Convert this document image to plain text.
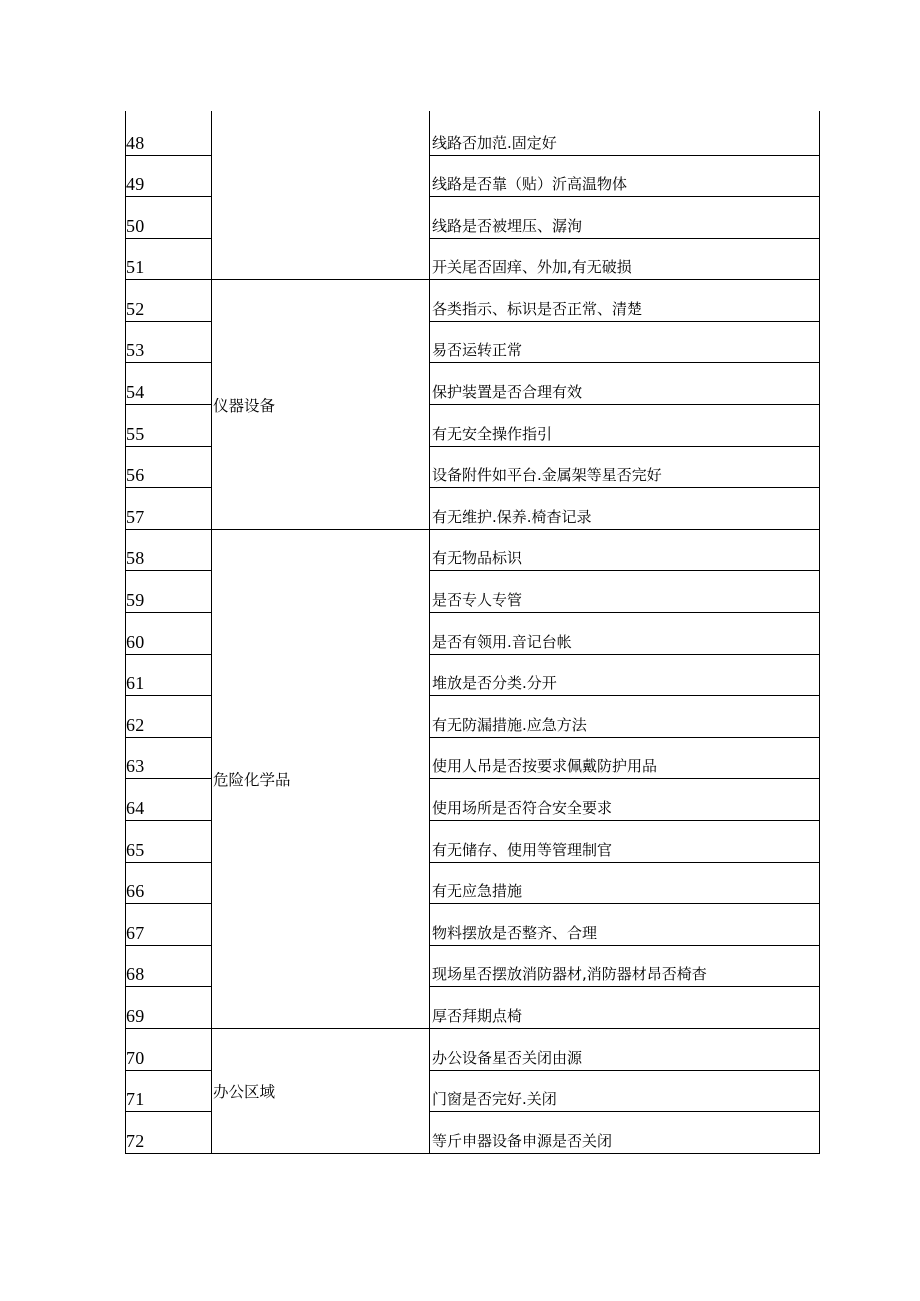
48		线路否加范.固定好
49		线路是否靠（贴）沂高温物体
50		线路是否被埋压、潺洵
51		开关尾否固痒、外加,有无破损
52	仪器设备	各类指示、标识是否正常、清楚
53		易否运转正常
54		保护装置是否合理有效
55		有无安全操作指引
56		设备附件如平台.金属架等星否完好
57		有无维护.保养.椅杳记录
58	危险化学品	有无物品标识
59		是否专人专管
60		是否有领用.音记台帐
61		堆放是否分类.分开
62		有无防漏措施.应急方法
63		使用人吊是否按要求佩戴防护用品
64		使用场所是否符合安全要求
65		有无储存、使用等管理制官
66		有无应急措施
67		物料摆放是否整齐、合理
68		现场星否摆放消防器材,消防器材昂否椅杳
69		厚否拜期点椅
70	办公区域	办公设备星否关闭由源
71		门窗是否完好.关闭
72		等斤申器设备申源是否关闭
